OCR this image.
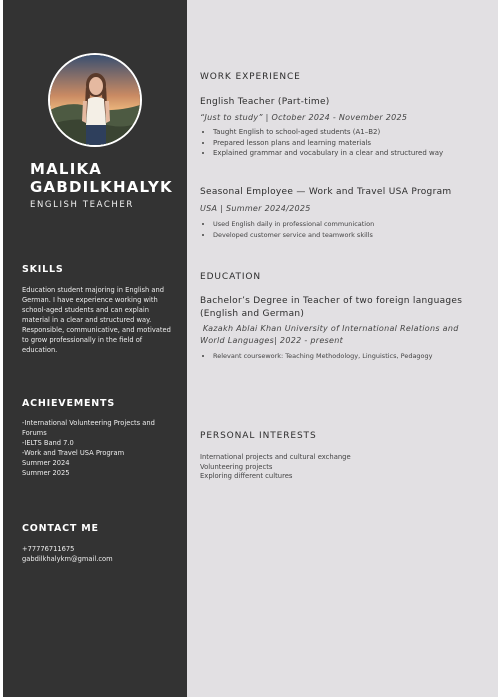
MALIKA
GABDILKHALYK
ENGLISH TEACHER
SKILLS
Education student majoring in English and German. I have experience working with school-aged students and can explain material in a clear and structured way. Responsible, communicative, and motivated to grow professionally in the field of education.
ACHIEVEMENTS
-International Volunteering Projects and
Forums
-IELTS Band 7.0
-Work and Travel USA Program
Summer 2024
Summer 2025
CONTACT ME
+77776711675
gabdilkhalykm@gmail.com
WORK EXPERIENCE
English Teacher (Part-time)
“Just to study” | October 2024 - November 2025
• Taught English to school-aged students (A1–B2)
• Prepared lesson plans and learning materials
• Explained grammar and vocabulary in a clear and structured way
Seasonal Employee — Work and Travel USA Program
USA | Summer 2024/2025
• Used English daily in professional communication
• Developed customer service and teamwork skills
EDUCATION
Bachelor’s Degree in Teacher of two foreign languages
(English and German)
Kazakh Ablai Khan University of International Relations and
World Languages| 2022 - present
• Relevant coursework: Teaching Methodology, Linguistics, Pedagogy
PERSONAL INTERESTS
International projects and cultural exchange
Volunteering projects
Exploring different cultures
